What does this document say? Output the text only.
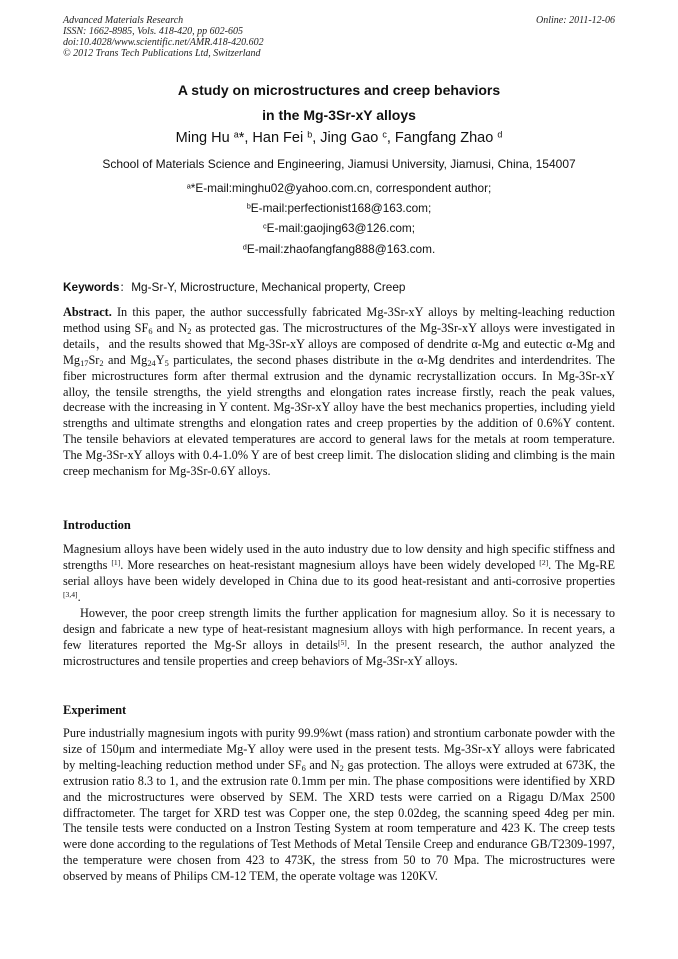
Advanced Materials Research
ISSN: 1662-8985, Vols. 418-420, pp 602-605
doi:10.4028/www.scientific.net/AMR.418-420.602
© 2012 Trans Tech Publications Ltd, Switzerland
Online: 2011-12-06
A study on microstructures and creep behaviors
in the Mg-3Sr-xY alloys
Ming Hu $^a$*, Han Fei $^b$, Jing Gao $^c$, Fangfang Zhao $^d$
School of Materials Science and Engineering, Jiamusi University, Jiamusi, China, 154007
$^a$*E-mail:minghu02@yahoo.com.cn, correspondent author;
$^b$E-mail:perfectionist168@163.com;
$^c$E-mail:gaojing63@126.com;
$^d$E-mail:zhaofangfang888@163.com.
Keywords：Mg-Sr-Y, Microstructure, Mechanical property, Creep
Abstract. In this paper, the author successfully fabricated Mg-3Sr-xY alloys by melting-leaching reduction method using $SF_6$ and $N_2$ as protected gas. The microstructures of the Mg-3Sr-xY alloys were investigated in details，and the results showed that Mg-3Sr-xY alloys are composed of dendrite α-Mg and eutectic α-Mg and $Mg_{17}Sr_2$ and $Mg_{24}Y_5$ particulates, the second phases distribute in the α-Mg dendrites and interdendrites. The fiber microstructures form after thermal extrusion and the dynamic recrystallization occurs. In Mg-3Sr-xY alloy, the tensile strengths, the yield strengths and elongation rates increase firstly, reach the peak values, decrease with the increasing in Y content. Mg-3Sr-xY alloy have the best mechanics properties, including yield strengths and ultimate strengths and elongation rates and creep properties by the addition of 0.6%Y content. The tensile behaviors at elevated temperatures are accord to general laws for the metals at room temperature. The Mg-3Sr-xY alloys with 0.4-1.0% Y are of best creep limit. The dislocation sliding and climbing is the main creep mechanism for Mg-3Sr-0.6Y alloys.
Introduction
Magnesium alloys have been widely used in the auto industry due to low density and high specific stiffness and strengths [1]. More researches on heat-resistant magnesium alloys have been widely developed [2]. The Mg-RE serial alloys have been widely developed in China due to its good heat-resistant and anti-corrosive properties [3,4].
However, the poor creep strength limits the further application for magnesium alloy. So it is necessary to design and fabricate a new type of heat-resistant magnesium alloys with high performance. In recent years, a few literatures reported the Mg-Sr alloys in details[5]. In the present research, the author analyzed the microstructures and tensile properties and creep behaviors of Mg-3Sr-xY alloys.
Experiment
Pure industrially magnesium ingots with purity 99.9%wt (mass ration) and strontium carbonate powder with the size of 150μm and intermediate Mg-Y alloy were used in the present tests. Mg-3Sr-xY alloys were fabricated by melting-leaching reduction method under $SF_6$ and $N_2$ gas protection. The alloys were extruded at 673K, the extrusion ratio 8.3 to 1, and the extrusion rate 0.1mm per min. The phase compositions were identified by XRD and the microstructures were observed by SEM. The XRD tests were carried on a Rigagu D/Max 2500 diffractometer. The target for XRD test was Copper one, the step 0.02deg, the scanning speed 4deg per min. The tensile tests were conducted on a Instron Testing System at room temperature and 423 K. The creep tests were done according to the regulations of Test Methods of Metal Tensile Creep and endurance GB/T2309-1997, the temperature were chosen from 423 to 473K, the stress from 50 to 70 Mpa. The microstructures were observed by means of Philips CM-12 TEM, the operate voltage was 120KV.
